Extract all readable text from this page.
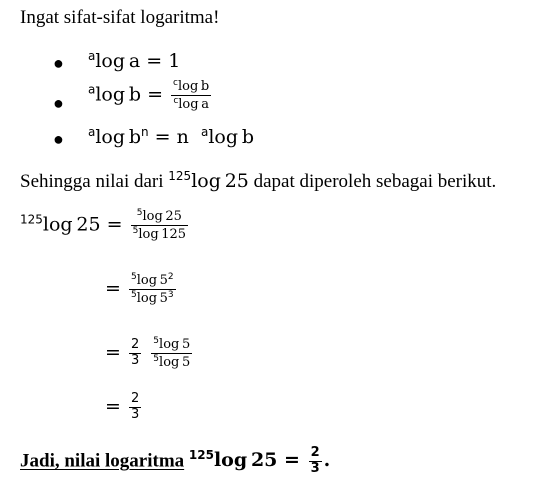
Ingat sifat-sifat logaritma!
● $^a$log  a = 1
●
$^a$log  $b = \frac{^c\log b}{^c\log a}$
● $^a$log  $b^n = n$ $^a$log  b
Sehingga nilai dari $^{125}$log  25 dapat diperoleh sebagai berikut.
$^{125}$log  $25 = \frac{^5\log 25}{^5\log 125}$
= $\frac{^5\log 5^2}{^5\log 5^3}$
= $\frac{2}{3}$
$\frac{^5\log 5}{^5\log 5}$
= $\frac{2}{3}$
Jadi, nilai logaritma $^{125}$log  $25 = \frac{2}{3}$ .
